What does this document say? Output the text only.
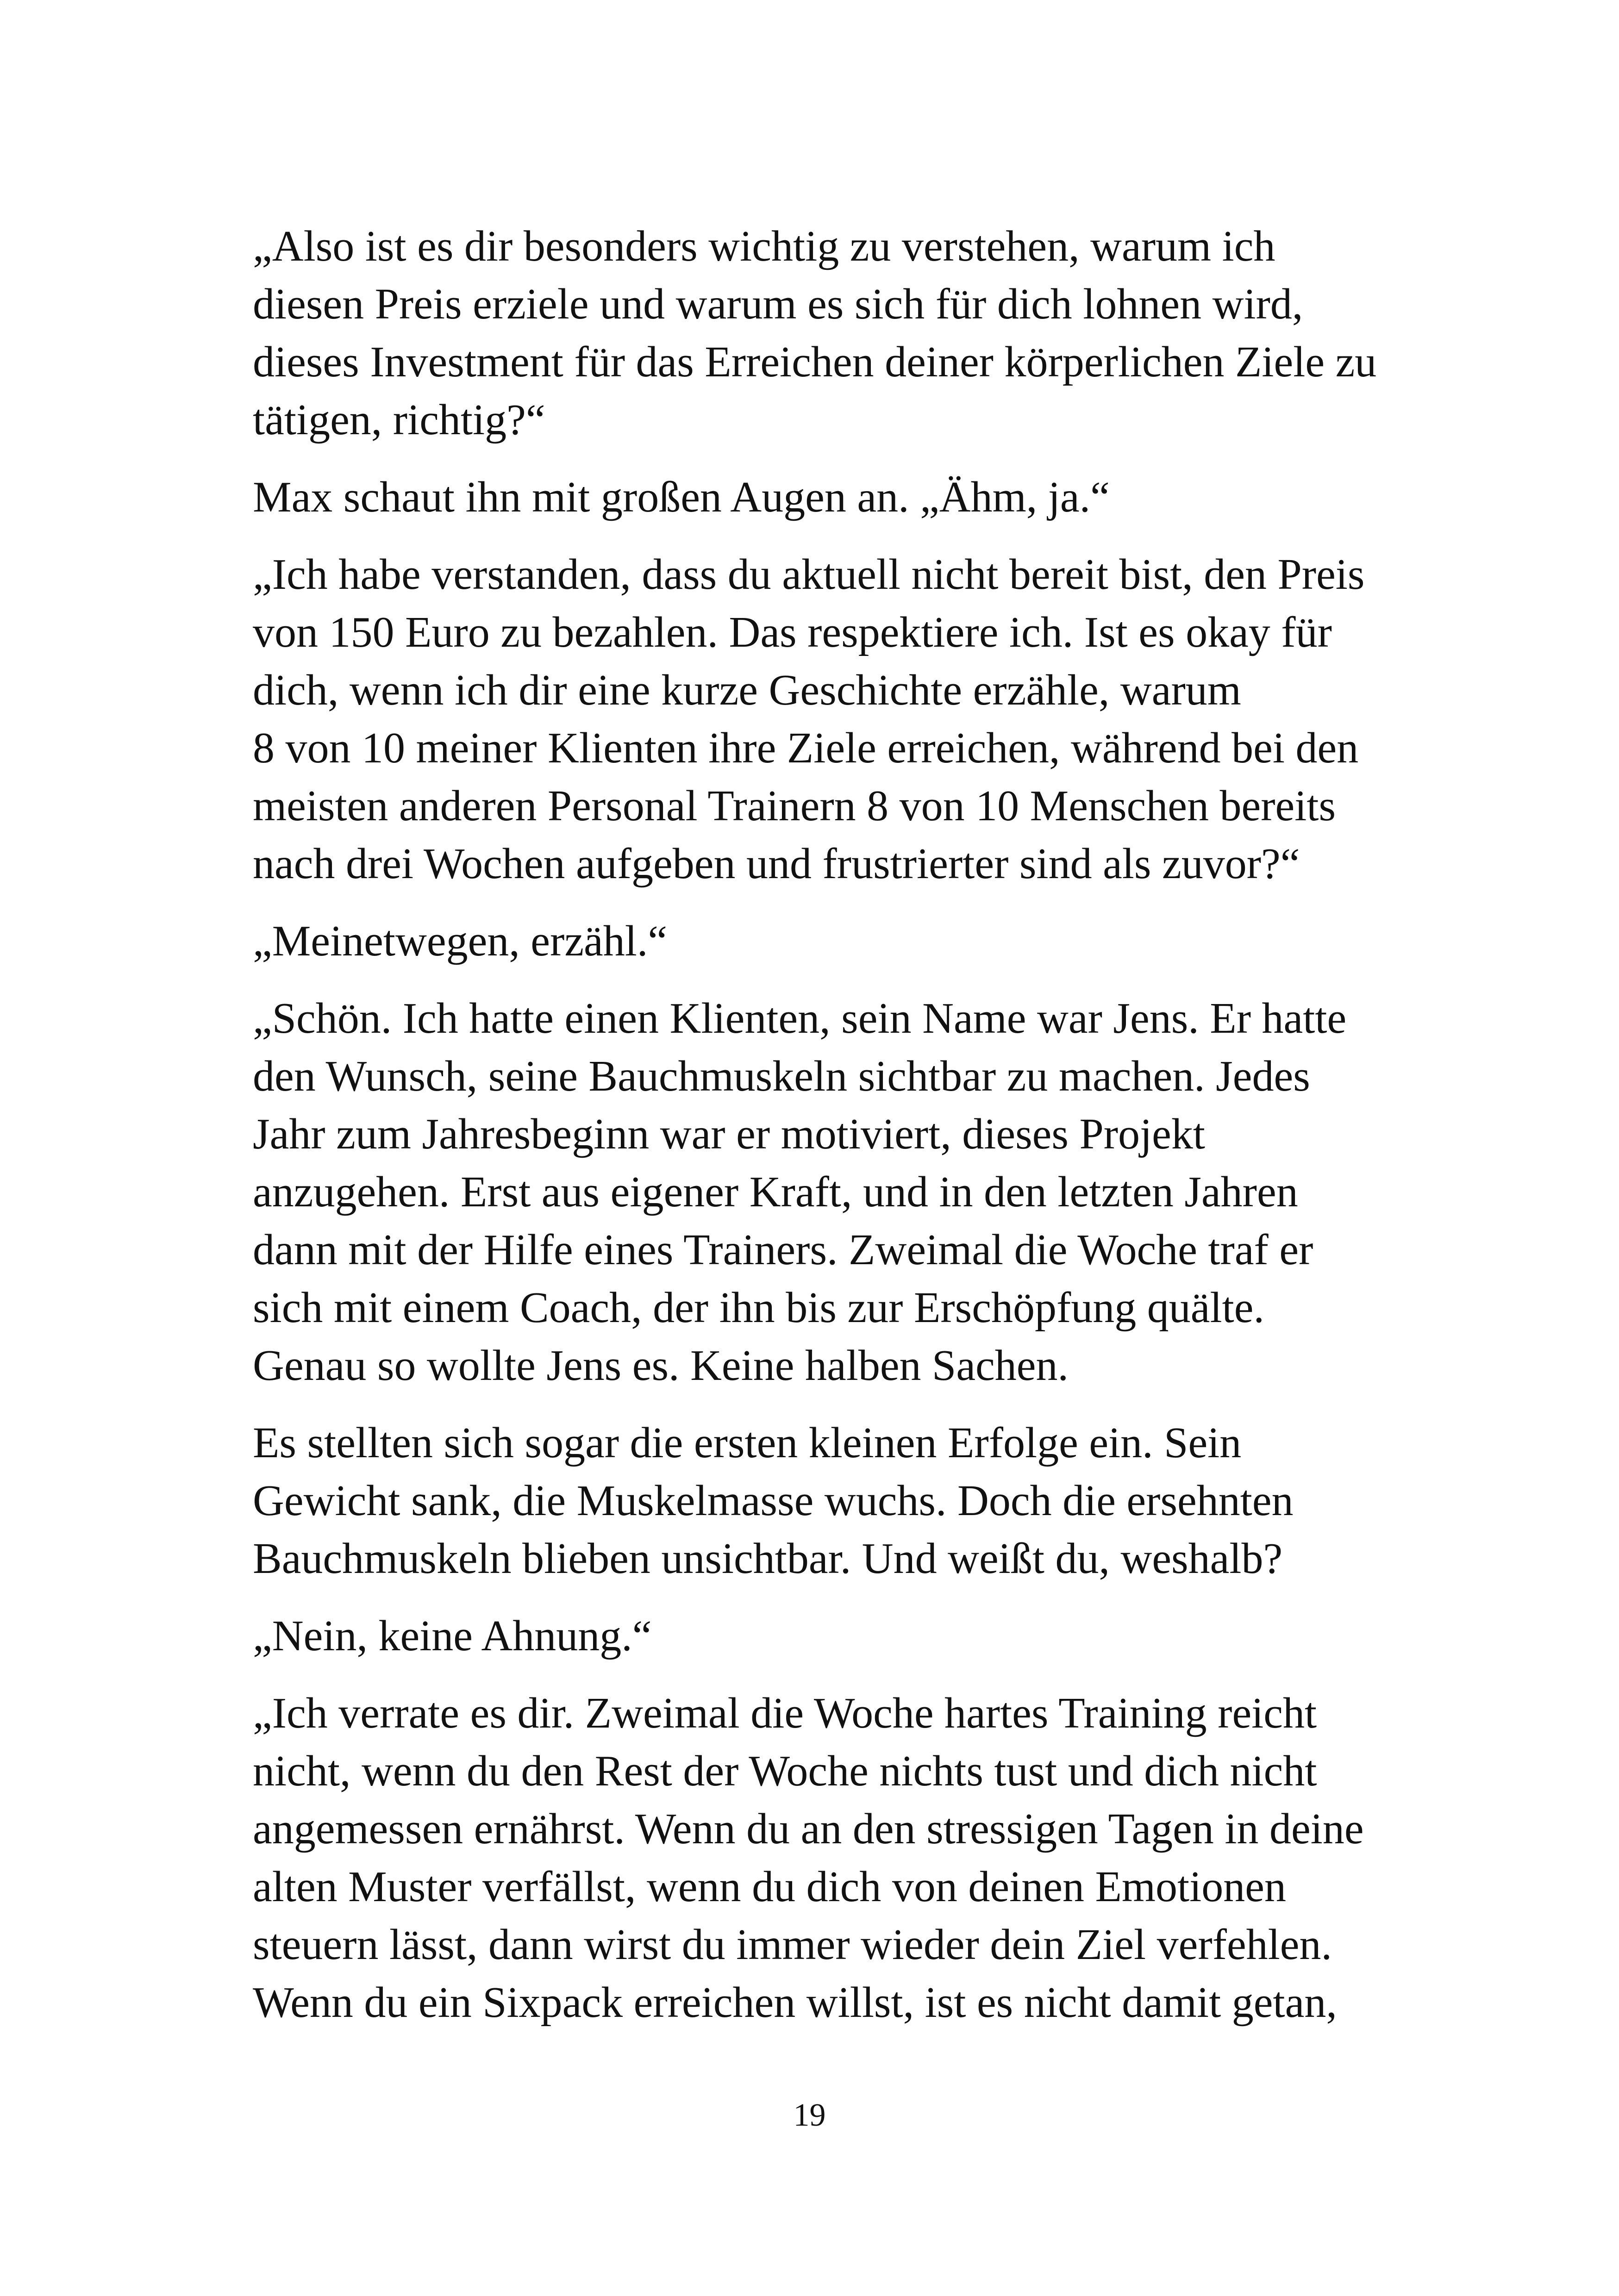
„Also ist es dir besonders wichtig zu verstehen, warum ich
diesen Preis erziele und warum es sich für dich lohnen wird,
dieses Investment für das Erreichen deiner körperlichen Ziele zu
tätigen, richtig?“

Max schaut ihn mit großen Augen an. „Ähm, ja.“

„Ich habe verstanden, dass du aktuell nicht bereit bist, den Preis
von 150 Euro zu bezahlen. Das respektiere ich. Ist es okay für
dich, wenn ich dir eine kurze Geschichte erzähle, warum
8 von 10 meiner Klienten ihre Ziele erreichen, während bei den
meisten anderen Personal Trainern 8 von 10 Menschen bereits
nach drei Wochen aufgeben und frustrierter sind als zuvor?“

„Meinetwegen, erzähl.“

„Schön. Ich hatte einen Klienten, sein Name war Jens. Er hatte
den Wunsch, seine Bauchmuskeln sichtbar zu machen. Jedes
Jahr zum Jahresbeginn war er motiviert, dieses Projekt
anzugehen. Erst aus eigener Kraft, und in den letzten Jahren
dann mit der Hilfe eines Trainers. Zweimal die Woche traf er
sich mit einem Coach, der ihn bis zur Erschöpfung quälte.
Genau so wollte Jens es. Keine halben Sachen.

Es stellten sich sogar die ersten kleinen Erfolge ein. Sein
Gewicht sank, die Muskelmasse wuchs. Doch die ersehnten
Bauchmuskeln blieben unsichtbar. Und weißt du, weshalb?

„Nein, keine Ahnung.“

„Ich verrate es dir. Zweimal die Woche hartes Training reicht
nicht, wenn du den Rest der Woche nichts tust und dich nicht
angemessen ernährst. Wenn du an den stressigen Tagen in deine
alten Muster verfällst, wenn du dich von deinen Emotionen
steuern lässt, dann wirst du immer wieder dein Ziel verfehlen.
Wenn du ein Sixpack erreichen willst, ist es nicht damit getan,

19
